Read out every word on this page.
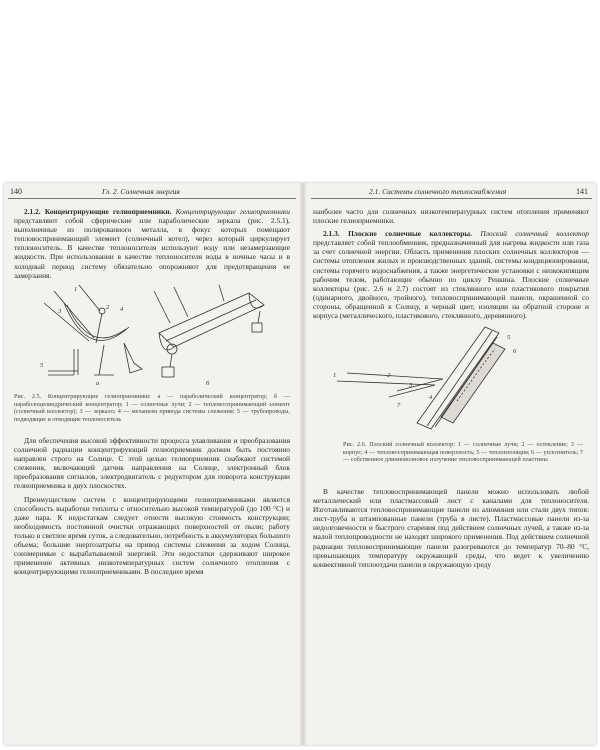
140	Гл. 2. Солнечная энергия

2.1.2. Концентрирующие гелиоприемники. Концентрирующие гелиоприемники представляют собой сферические или параболические зеркала (рис. 2.5.1), выполненные из полированного металла, в фокус которых помещают тепловоспринимающий элемент (солнечный котел), через который циркулирует теплоноситель. В качестве теплоносителя используют воду или незамерзающие жидкости. При использовании в качестве теплоносителя воды в ночные часы и в холодный период систему обязательно опорожняют для предотвращения ее замерзания.

3	4
5
1
2
а	б
Рис. 2.5. Концентрирующие гелиоприемники: а — параболический концентратор; б — параболоцилиндрический концентратор; 1 — солнечные лучи; 2 — тепловоспринимающий элемент (солнечный коллектор); 3 — зеркало; 4 — механизм привода системы слежения; 5 — трубопроводы, подводящие и отводящие теплоноситель

Для обеспечения высокой эффективности процесса улавливания и преобразования солнечной радиации концентрирующий гелиоприемник должен быть постоянно направлен строго на Солнце. С этой целью гелиоприемник снабжают системой слежения, включающей датчик направления на Солнце, электронный блок преобразования сигналов, электродвигатель с редуктором для поворота конструкции гелиоприемника в двух плоскостях.

Преимуществом систем с концентрирующими гелиоприемниками является способность выработки теплоты с относительно высокой температурой (до 100 °С) и даже пара. К недостаткам следует отнести высокую стоимость конструкции; необходимость постоянной очистки отражающих поверхностей от пыли; работу только в светлое время суток, а следовательно, потребность в аккумуляторах большого объема; большие энергозатраты на привод системы слежения за ходом Солнца, соизмеримые с вырабатываемой энергией. Эти недостатки сдерживают широкое применение активных низкотемпературных систем солнечного отопления с концентрирующими гелиоприемниками. В последнее время

2.1. Системы солнечного теплоснабжения	141

наиболее часто для солнечных низкотемпературных систем отопления применяют плоские гелиоприемники.

2.1.3. Плоские солнечные коллекторы. Плоский солнечный коллектор представляет собой теплообменник, предназначенный для нагрева жидкости или газа за счет солнечной энергии. Область применения плоских солнечных коллекторов — системы отопления жилых и производственных зданий, системы кондиционирования, системы горячего водоснабжения, а также энергетические установки с низкокипящим рабочим телом, работающие обычно по циклу Ренкина. Плоские солнечные коллекторы (рис. 2.6 и 2.7) состоят из стеклянного или пластикового покрытия (одинарного, двойного, тройного), тепловоспринимающей панели, окрашенной со стороны, обращенной к Солнцу, в черный цвет, изоляции на обратной стороне и корпуса (металлического, пластикового, стеклянного, деревянного).

1	2
3
4
5
6
7
Рис. 2.6. Плоский солнечный коллектор: 1 — солнечные лучи; 2 — остекление; 3 — корпус; 4 — тепловоспринимающая поверхность; 5 — теплоизоляция; 6 — уплотнитель; 7 — собственное длинноволновое излучение тепловоспринимающей пластины

В качестве тепловоспринимающей панели можно использовать любой металлический или пластмассовый лист с каналами для теплоносителя. Изготавливаются тепловоспринимающие панели из алюминия или стали двух типов: лист-труба и штампованные панели (труба в листе). Пластмассовые панели из-за недолговечности и быстрого старения под действием солнечных лучей, а также из-за малой теплопроводности не находят широкого применения. Под действием солнечной радиации тепловоспринимающие панели разогреваются до температур 70–80 °С, превышающих температуру окружающей среды, что ведет к увеличению конвективной теплоотдачи панели в окружающую среду
